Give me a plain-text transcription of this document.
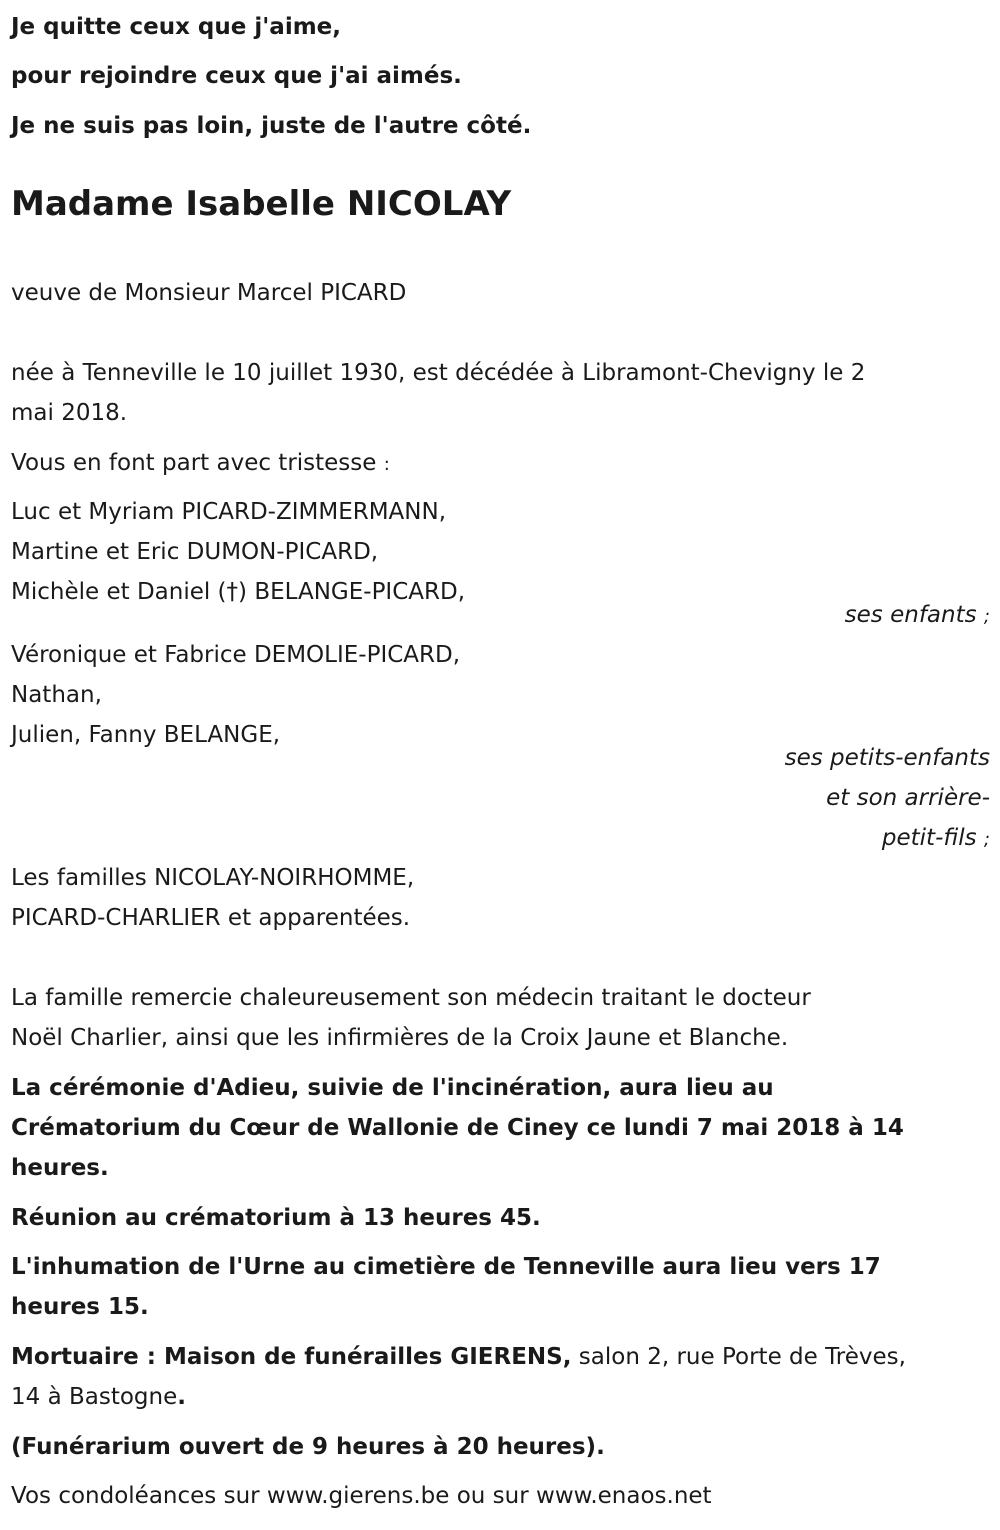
Je quitte ceux que j'aime,

pour rejoindre ceux que j'ai aimés.

Je ne suis pas loin, juste de l'autre côté.

Madame Isabelle NICOLAY

veuve de Monsieur Marcel PICARD

née à Tenneville le 10 juillet 1930, est décédée à Libramont-Chevigny le 2

mai 2018.

Vous en font part avec tristesse :

Luc et Myriam PICARD-ZIMMERMANN,

Martine et Eric DUMON-PICARD,

Michèle et Daniel (†) BELANGE-PICARD,

ses enfants ;

Véronique et Fabrice DEMOLIE-PICARD,

Nathan,

Julien, Fanny BELANGE,

ses petits-enfants

et son arrière-

petit-fils ;

Les familles NICOLAY-NOIRHOMME,

PICARD-CHARLIER et apparentées.

La famille remercie chaleureusement son médecin traitant le docteur

Noël Charlier, ainsi que les infirmières de la Croix Jaune et Blanche.

La cérémonie d'Adieu, suivie de l'incinération, aura lieu au

Crématorium du Cœur de Wallonie de Ciney ce lundi 7 mai 2018 à 14

heures.

Réunion au crématorium à 13 heures 45.

L'inhumation de l'Urne au cimetière de Tenneville aura lieu vers 17

heures 15.

Mortuaire : Maison de funérailles GIERENS, salon 2, rue Porte de Trèves,

14 à Bastogne.

(Funérarium ouvert de 9 heures à 20 heures).

Vos condoléances sur www.gierens.be ou sur www.enaos.net
